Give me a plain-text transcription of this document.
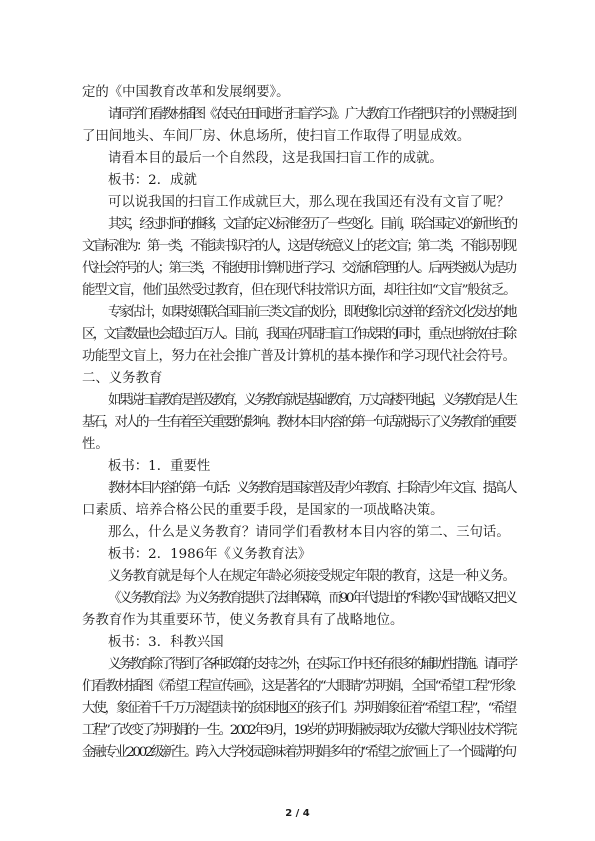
定的《中国教育改革和发展纲要》。
请同学们看教材插图《农民在田间进行扫盲学习》。广大教育工作者把识字的小黑板挂到
了田间地头、车间厂房、休息场所，使扫盲工作取得了明显成效。
请看本目的最后一个自然段，这是我国扫盲工作的成就。
板书：2．成就
可以说我国的扫盲工作成就巨大，那么现在我国还有没有文盲了呢？
其实，经过时间的推移，文盲的定义标准经历了一些变化。目前，联合国定义的新世纪的
文盲标准为：第一类，不能读书识字的人，这是传统意义上的老文盲；第二类，不能识别现
代社会符号的人；第三类，不能使用计算机进行学习、交流和管理的人。后两类被认为是功
能型文盲，他们虽然受过教育，但在现代科技常识方面，却往往如“文盲”般贫乏。
专家估计，如果按照联合国目前三类文盲的划分，即使像北京这样的经济文化发达的地
区，文盲数量也会超过百万人。目前，我国在巩固扫盲工作成果的同时，重点也将放在扫除
功能型文盲上，努力在社会推广普及计算机的基本操作和学习现代社会符号。
二、义务教育
如果说扫盲教育是普及教育，义务教育就是基础教育，万丈高楼平地起，义务教育是人生
基石，对人的一生有着至关重要的影响。教材本目内容的第一句话就揭示了义务教育的重要
性。
板书：1．重要性
教材本目内容的第一句话：义务教育是国家普及青少年教育、扫除青少年文盲、提高人
口素质、培养合格公民的重要手段，是国家的一项战略决策。
那么，什么是义务教育？请同学们看教材本目内容的第二、三句话。
板书：2．1986年《义务教育法》
义务教育就是每个人在规定年龄必须接受规定年限的教育，这是一种义务。
《义务教育法》为义务教育提供了法律保障，而90年代提出的“科教兴国”战略又把义
务教育作为其重要环节，使义务教育具有了战略地位。
板书：3．科教兴国
义务教育除了得到了各种政策的支持之外，在实际工作中还有很多的辅助性措施。请同学
们看教材插图《希望工程宣传画》，这是著名的“大眼睛”苏明娟，全国“希望工程”形象
大使，象征着千千万万渴望读书的贫困地区的孩子们。苏明娟象征着“希望工程”，“希望
工程”了改变了苏明娟的一生。2002年9月，19岁的苏明娟被录取为安徽大学职业技术学院
金融专业2002级新生。跨入大学校园意味着苏明娟多年的“希望之旅”画上了一个圆满的句
2 / 4
